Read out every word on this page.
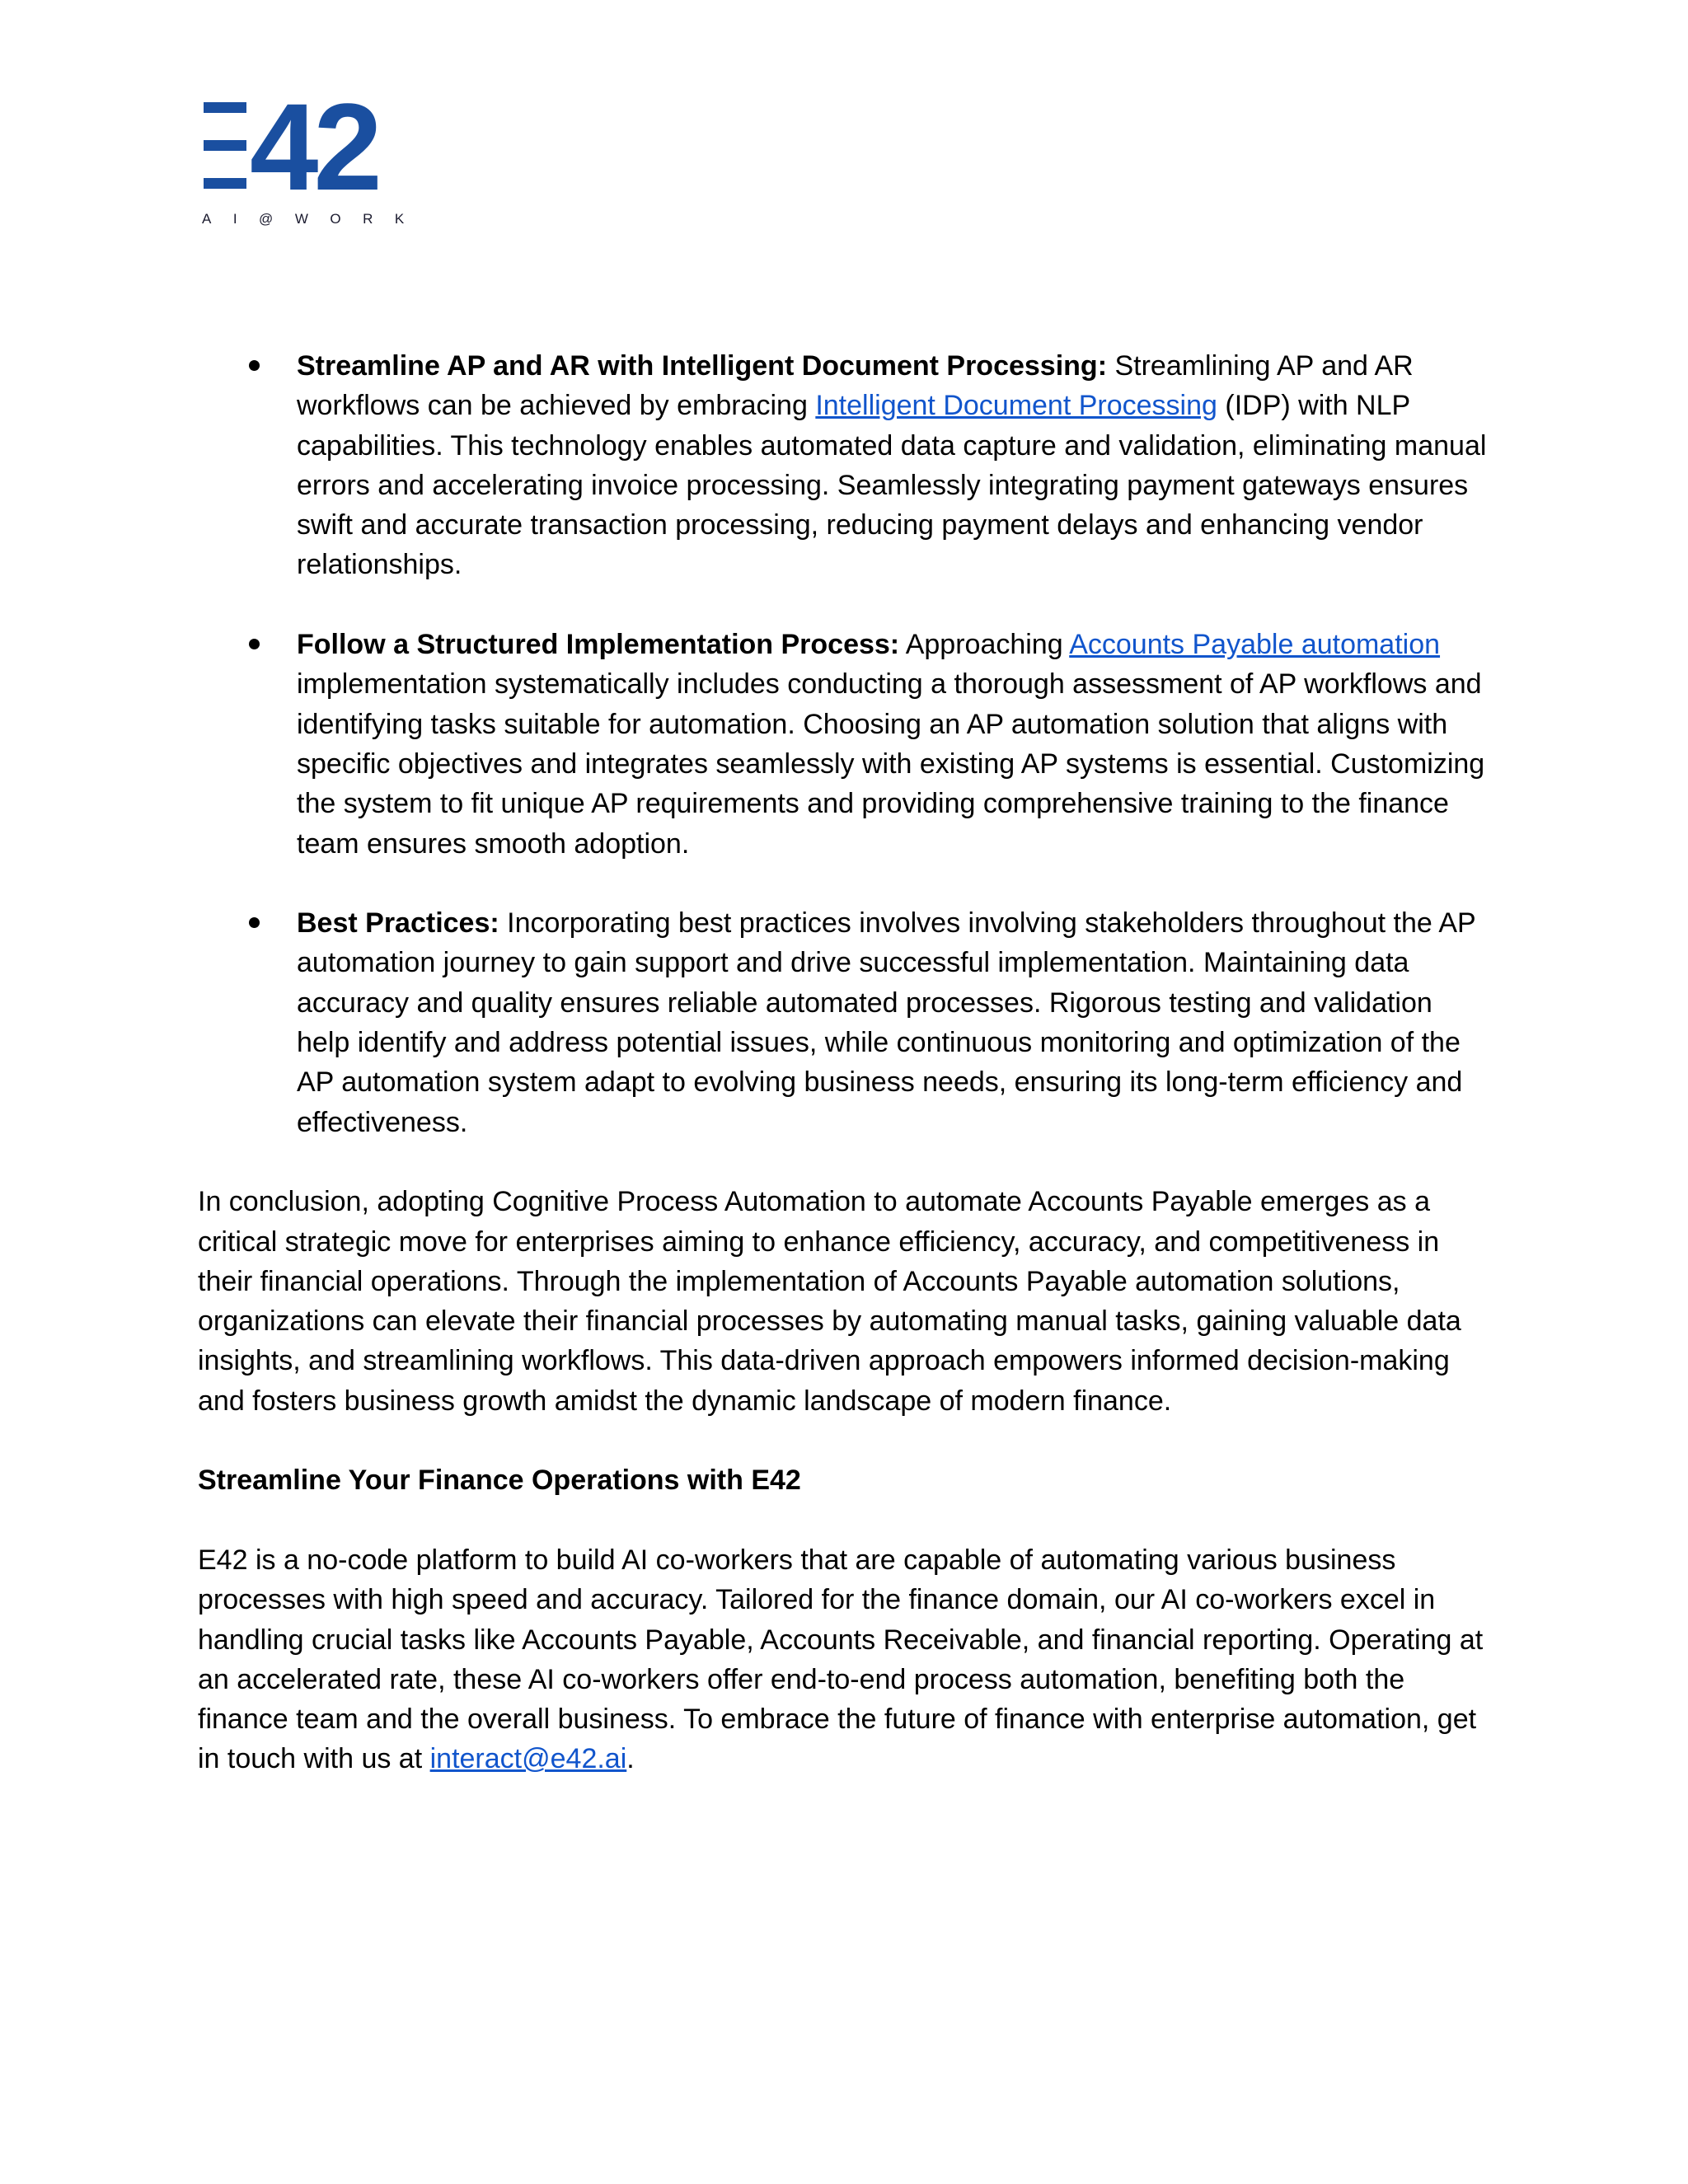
42
AI@WORK
Streamline AP and AR with Intelligent Document Processing: Streamlining AP and AR workflows can be achieved by embracing Intelligent Document Processing (IDP) with NLP capabilities. This technology enables automated data capture and validation, eliminating manual errors and accelerating invoice processing. Seamlessly integrating payment gateways ensures swift and accurate transaction processing, reducing payment delays and enhancing vendor relationships.
Follow a Structured Implementation Process: Approaching Accounts Payable automation implementation systematically includes conducting a thorough assessment of AP workflows and identifying tasks suitable for automation. Choosing an AP automation solution that aligns with specific objectives and integrates seamlessly with existing AP systems is essential. Customizing the system to fit unique AP requirements and providing comprehensive training to the finance team ensures smooth adoption.
Best Practices: Incorporating best practices involves involving stakeholders throughout the AP automation journey to gain support and drive successful implementation. Maintaining data accuracy and quality ensures reliable automated processes. Rigorous testing and validation help identify and address potential issues, while continuous monitoring and optimization of the AP automation system adapt to evolving business needs, ensuring its long-term efficiency and effectiveness.

In conclusion, adopting Cognitive Process Automation to automate Accounts Payable emerges as a critical strategic move for enterprises aiming to enhance efficiency, accuracy, and competitiveness in their financial operations. Through the implementation of Accounts Payable automation solutions, organizations can elevate their financial processes by automating manual tasks, gaining valuable data insights, and streamlining workflows. This data-driven approach empowers informed decision-making and fosters business growth amidst the dynamic landscape of modern finance.

Streamline Your Finance Operations with E42

E42 is a no-code platform to build AI co-workers that are capable of automating various business processes with high speed and accuracy. Tailored for the finance domain, our AI co-workers excel in handling crucial tasks like Accounts Payable, Accounts Receivable, and financial reporting. Operating at an accelerated rate, these AI co-workers offer end-to-end process automation, benefiting both the finance team and the overall business. To embrace the future of finance with enterprise automation, get in touch with us at interact@e42.ai.
